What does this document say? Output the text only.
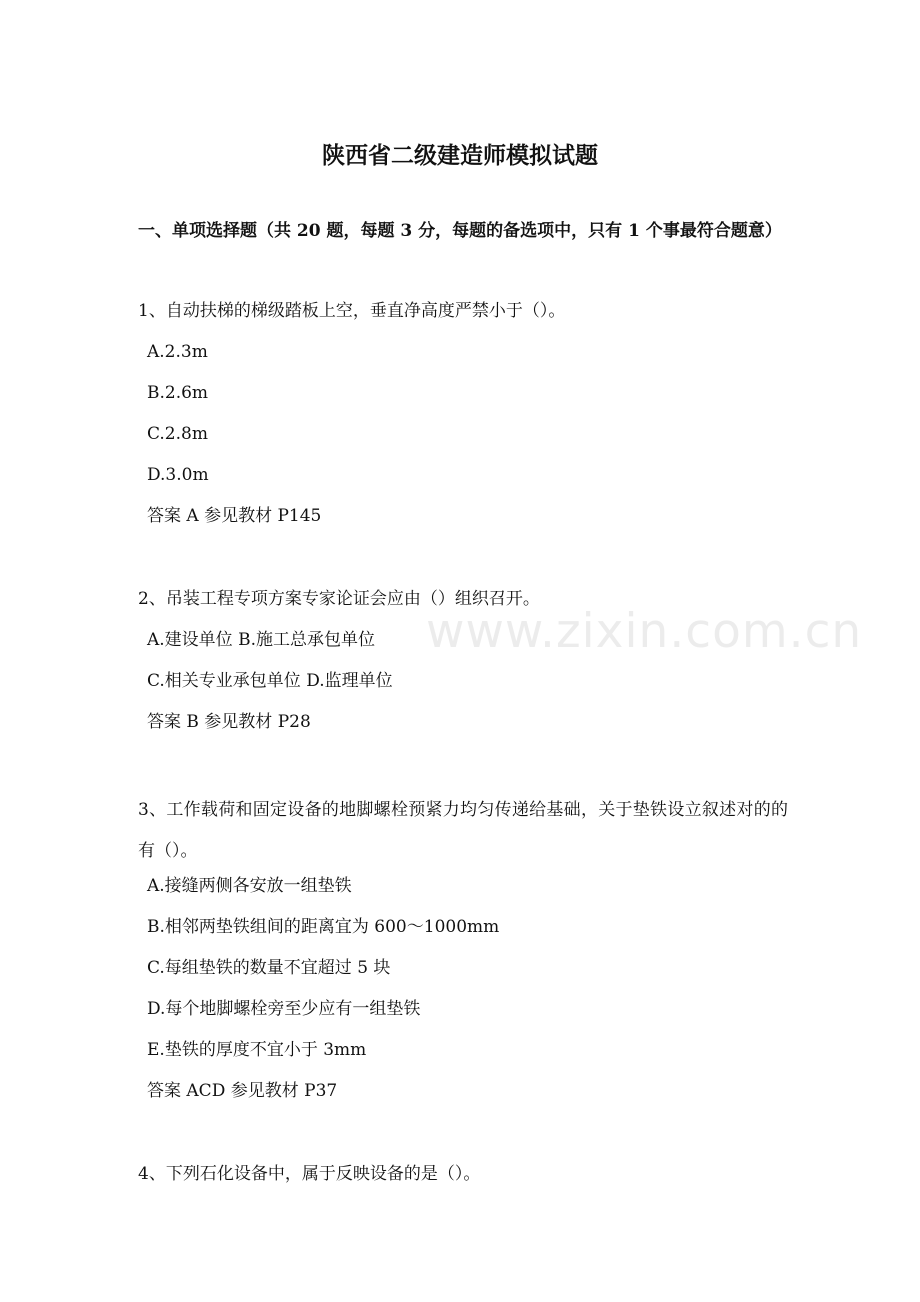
陕西省二级建造师模拟试题
一、单项选择题（共 20 题，每题 3 分，每题的备选项中，只有 1 个事最符合题意）
1、自动扶梯的梯级踏板上空，垂直净高度严禁小于（）。
A.2.3m
B.2.6m
C.2.8m
D.3.0m
答案 A 参见教材 P145
2、吊装工程专项方案专家论证会应由（）组织召开。
A.建设单位 B.施工总承包单位
C.相关专业承包单位 D.监理单位
答案 B 参见教材 P28
3、工作载荷和固定设备的地脚螺栓预紧力均匀传递给基础，关于垫铁设立叙述对的的有（）。
A.接缝两侧各安放一组垫铁
B.相邻两垫铁组间的距离宜为 600～1000mm
C.每组垫铁的数量不宜超过 5 块
D.每个地脚螺栓旁至少应有一组垫铁
E.垫铁的厚度不宜小于 3mm
答案 ACD 参见教材 P37
4、下列石化设备中，属于反映设备的是（）。
www.zixin.com.cn
